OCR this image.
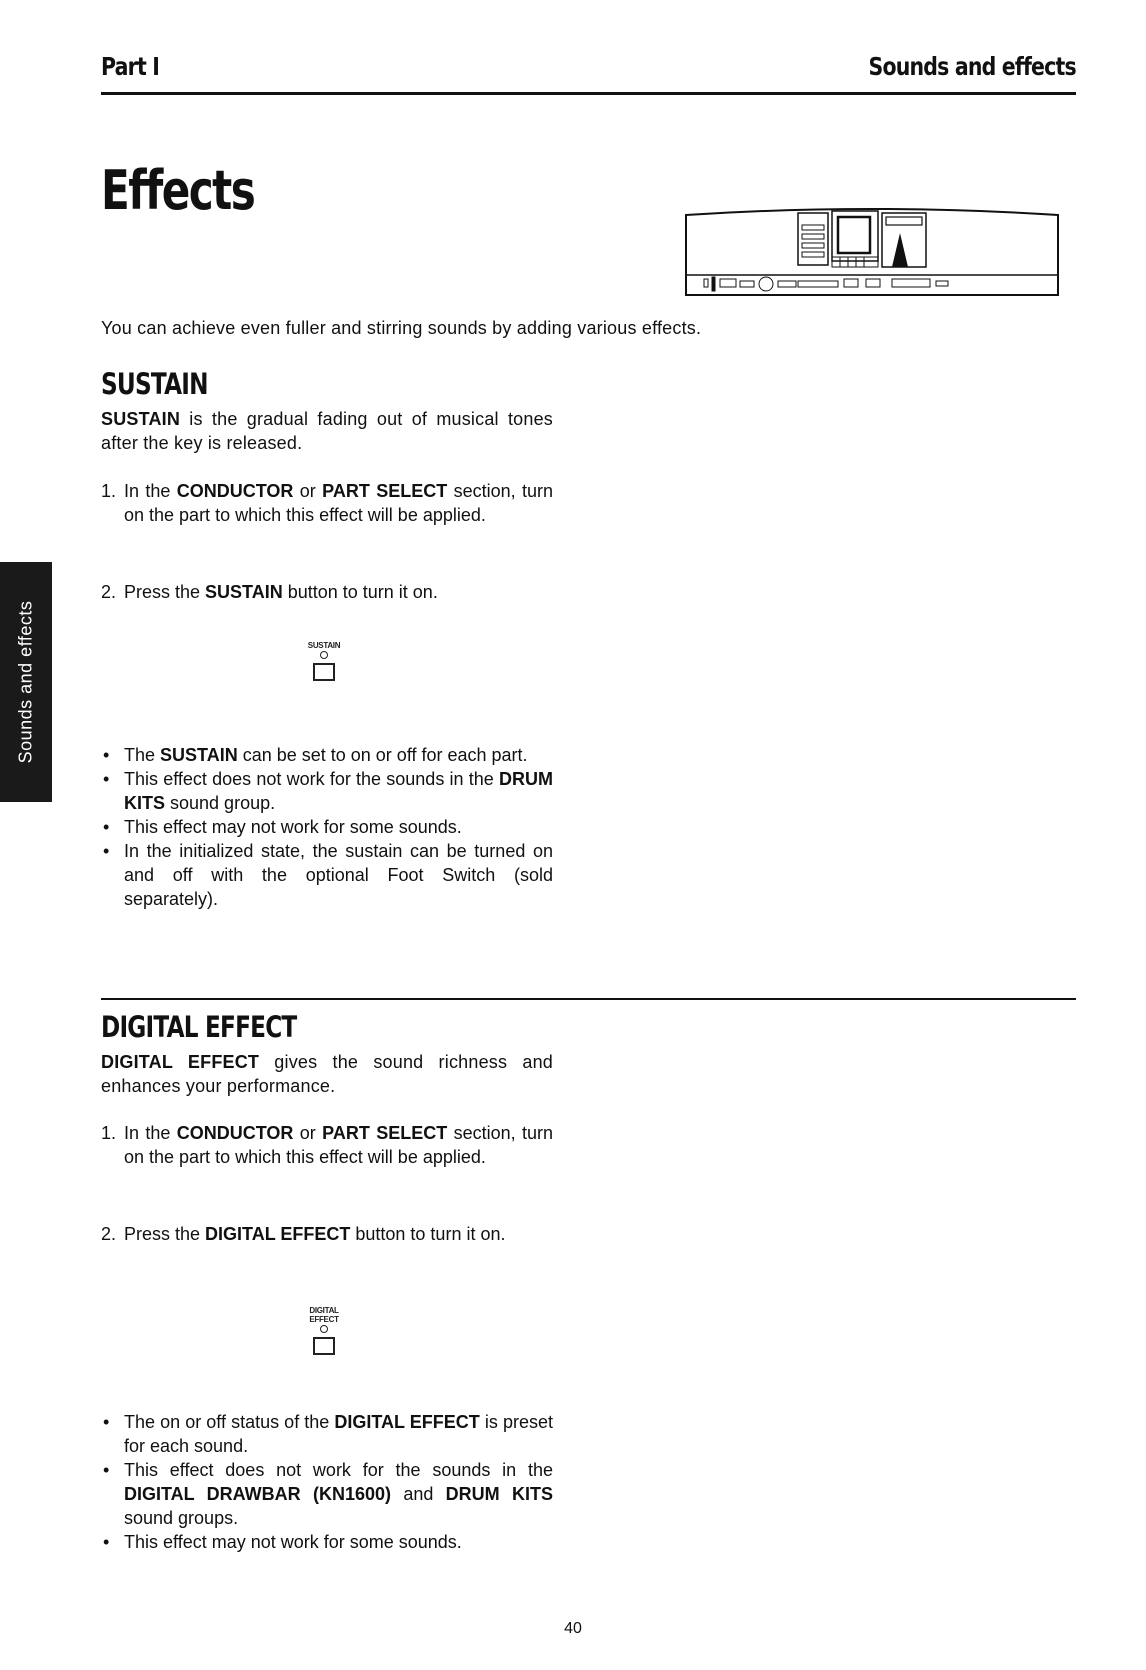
Part I	Sounds and effects
Effects
You can achieve even fuller and stirring sounds by adding various effects.
SUSTAIN
SUSTAIN is the gradual fading out of musical tones after the key is released.
1. In the CONDUCTOR or PART SELECT section, turn on the part to which this effect will be applied.
2. Press the SUSTAIN button to turn it on.
SUSTAIN
• The SUSTAIN can be set to on or off for each part.
• This effect does not work for the sounds in the DRUM KITS sound group.
• This effect may not work for some sounds.
• In the initialized state, the sustain can be turned on and off with the optional Foot Switch (sold separately).
Sounds and effects
DIGITAL EFFECT
DIGITAL EFFECT gives the sound richness and enhances your performance.
1. In the CONDUCTOR or PART SELECT section, turn on the part to which this effect will be applied.
2. Press the DIGITAL EFFECT button to turn it on.
DIGITAL
EFFECT
• The on or off status of the DIGITAL EFFECT is preset for each sound.
• This effect does not work for the sounds in the DIGITAL DRAWBAR (KN1600) and DRUM KITS sound groups.
• This effect may not work for some sounds.
40
